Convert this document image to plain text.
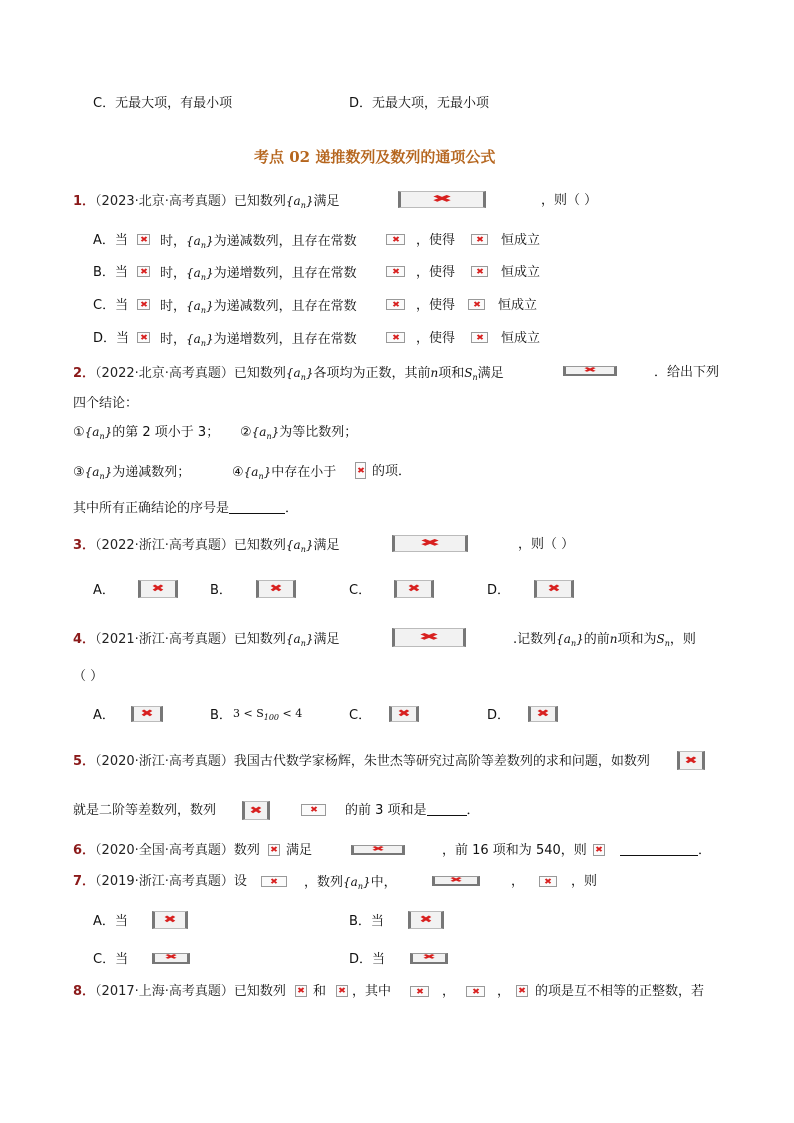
C．无最大项，有最小项	D．无最大项，无最小项
考点 02 递推数列及数列的通项公式
1．（2023·北京·高考真题）已知数列$\{a_n\}$满足 ✖	，则（ ）
A．当 ✖ 时，$\{a_n\}$为递减数列，且存在常数 ✖	，使得 ✖	恒成立
B．当 ✖ 时，$\{a_n\}$为递增数列，且存在常数 ✖	，使得 ✖	恒成立
C．当 ✖ 时，$\{a_n\}$为递减数列，且存在常数 ✖	，使得 ✖	恒成立
D．当 ✖ 时，$\{a_n\}$为递增数列，且存在常数 ✖	，使得 ✖	恒成立
2．（2022·北京·高考真题）已知数列$\{a_n\}$各项均为正数，其前n项和$S_n$满足 ✖	．给出下列
四个结论：
$①\{a_n\}$的第 2 项小于 3； $②\{a_n\}$为等比数列；
$③\{a_n\}$为递减数列；	$④\{a_n\}$中存在小于 ✖	的项．
其中所有正确结论的序号是	．
3．（2022·浙江·高考真题）已知数列$\{a_n\}$满足 ✖	，则（ ）
A． ✖	B． ✖	C． ✖	D．
✖
4．（2021·浙江·高考真题）已知数列$\{a_n\}$满足 ✖	.记数列$\{a_n\}$的前n项和为$S_n$，则
（ ）
A． ✖	B． $3 < S_{100} < 4$	C． ✖	D．
✖
5．（2020·浙江·高考真题）我国古代数学家杨辉，朱世杰等研究过高阶等差数列的求和问题，如数列
✖
就是二阶等差数列，数列 ✖ ✖	的前 3 项和是	．
6．（2020·全国·高考真题）数列 ✖ 满足 ✖	，前 16 项和为 540，则 ✖	．
7．（2019·浙江·高考真题）设 ✖	，数列$\{a_n\}$中， ✖	， ✖	，则
A．当 ✖	B．当
✖
C．当 ✖	D．当
✖
8．（2017·上海·高考真题）已知数列 ✖ 和 ✖ ，其中 ✖	， ✖	， ✖ 的项是互不相等的正整数，若
